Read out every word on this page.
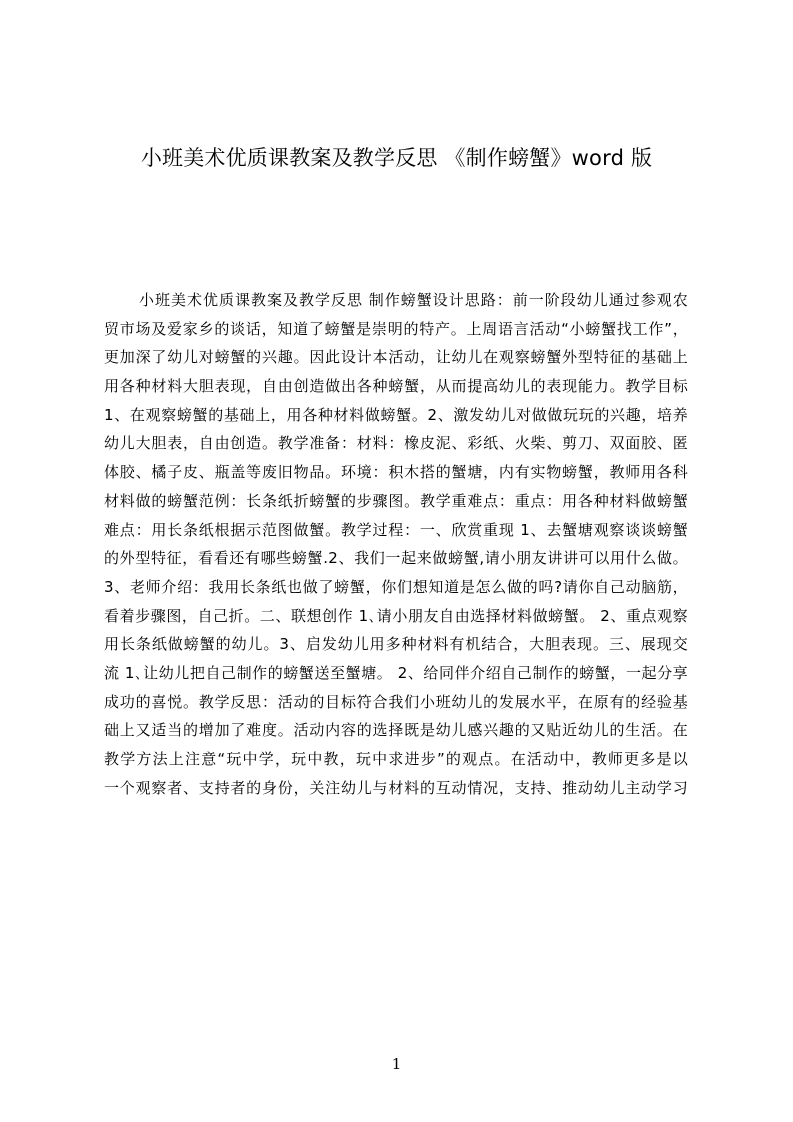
小班美术优质课教案及教学反思 《制作螃蟹》word 版
小班美术优质课教案及教学反思 制作螃蟹设计思路：前一阶段幼儿通过参观农
贸市场及爱家乡的谈话，知道了螃蟹是崇明的特产。上周语言活动“小螃蟹找工作”，
更加深了幼儿对螃蟹的兴趣。因此设计本活动，让幼儿在观察螃蟹外型特征的基础上
用各种材料大胆表现，自由创造做出各种螃蟹，从而提高幼儿的表现能力。教学目标
1、在观察螃蟹的基础上，用各种材料做螃蟹。2、激发幼儿对做做玩玩的兴趣，培养
幼儿大胆表，自由创造。教学准备：材料：橡皮泥、彩纸、火柴、剪刀、双面胶、匿
体胶、橘子皮、瓶盖等废旧物品。环境：积木搭的蟹塘，内有实物螃蟹，教师用各科
材料做的螃蟹范例：长条纸折螃蟹的步骤图。教学重难点：重点：用各种材料做螃蟹
难点：用长条纸根据示范图做蟹。教学过程：一、欣赏重现 1、去蟹塘观察谈谈螃蟹
的外型特征，看看还有哪些螃蟹.2、我们一起来做螃蟹,请小朋友讲讲可以用什么做。
3、老师介绍：我用长条纸也做了螃蟹，你们想知道是怎么做的吗?请你自己动脑筋，
看着步骤图，自己折。二、联想创作 1､请小朋友自由选择材料做螃蟹。 2、重点观察
用长条纸做螃蟹的幼儿。3、启发幼儿用多种材料有机结合，大胆表现。三、展现交
流 1､让幼儿把自己制作的螃蟹送至蟹塘。 2、给同伴介绍自己制作的螃蟹，一起分享
成功的喜悦。教学反思：活动的目标符合我们小班幼儿的发展水平，在原有的经验基
础上又适当的增加了难度。活动内容的选择既是幼儿感兴趣的又贴近幼儿的生活。在
教学方法上注意“玩中学，玩中教，玩中求进步”的观点。在活动中，教师更多是以
一个观察者、支持者的身份，关注幼儿与材料的互动情况，支持、推动幼儿主动学习
1
